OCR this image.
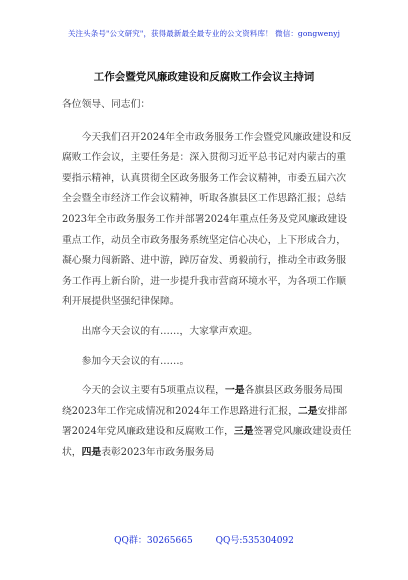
关注头条号"公文研究"，获得最新最全最专业的公文资料库！ 微信：gongwenyj
工作会暨党风廉政建设和反腐败工作会议主持词

各位领导、同志们：

今天我们召开2024年全市政务服务工作会暨党风廉政建设和反腐败工作会议，主要任务是：深入贯彻习近平总书记对内蒙古的重要指示精神，认真贯彻全区政务服务工作会议精神，市委五届六次全会暨全市经济工作会议精神，听取各旗县区工作思路汇报；总结2023年全市政务服务工作并部署2024年重点任务及党风廉政建设重点工作，动员全市政务服务系统坚定信心决心，上下形成合力，凝心聚力闯新路、进中游，踔厉奋发、勇毅前行，推动全市政务服务工作再上新台阶，进一步提升我市营商环境水平，为各项工作顺利开展提供坚强纪律保障。

出席今天会议的有……，大家掌声欢迎。

参加今天会议的有……。

今天的会议主要有5项重点议程，一是各旗县区政务服务局围绕2023年工作完成情况和2024年工作思路进行汇报，二是安排部署2024年党风廉政建设和反腐败工作，三是签署党风廉政建设责任状，四是表彰2023年市政务服务局

QQ群：30265665	QQ号:535304092
